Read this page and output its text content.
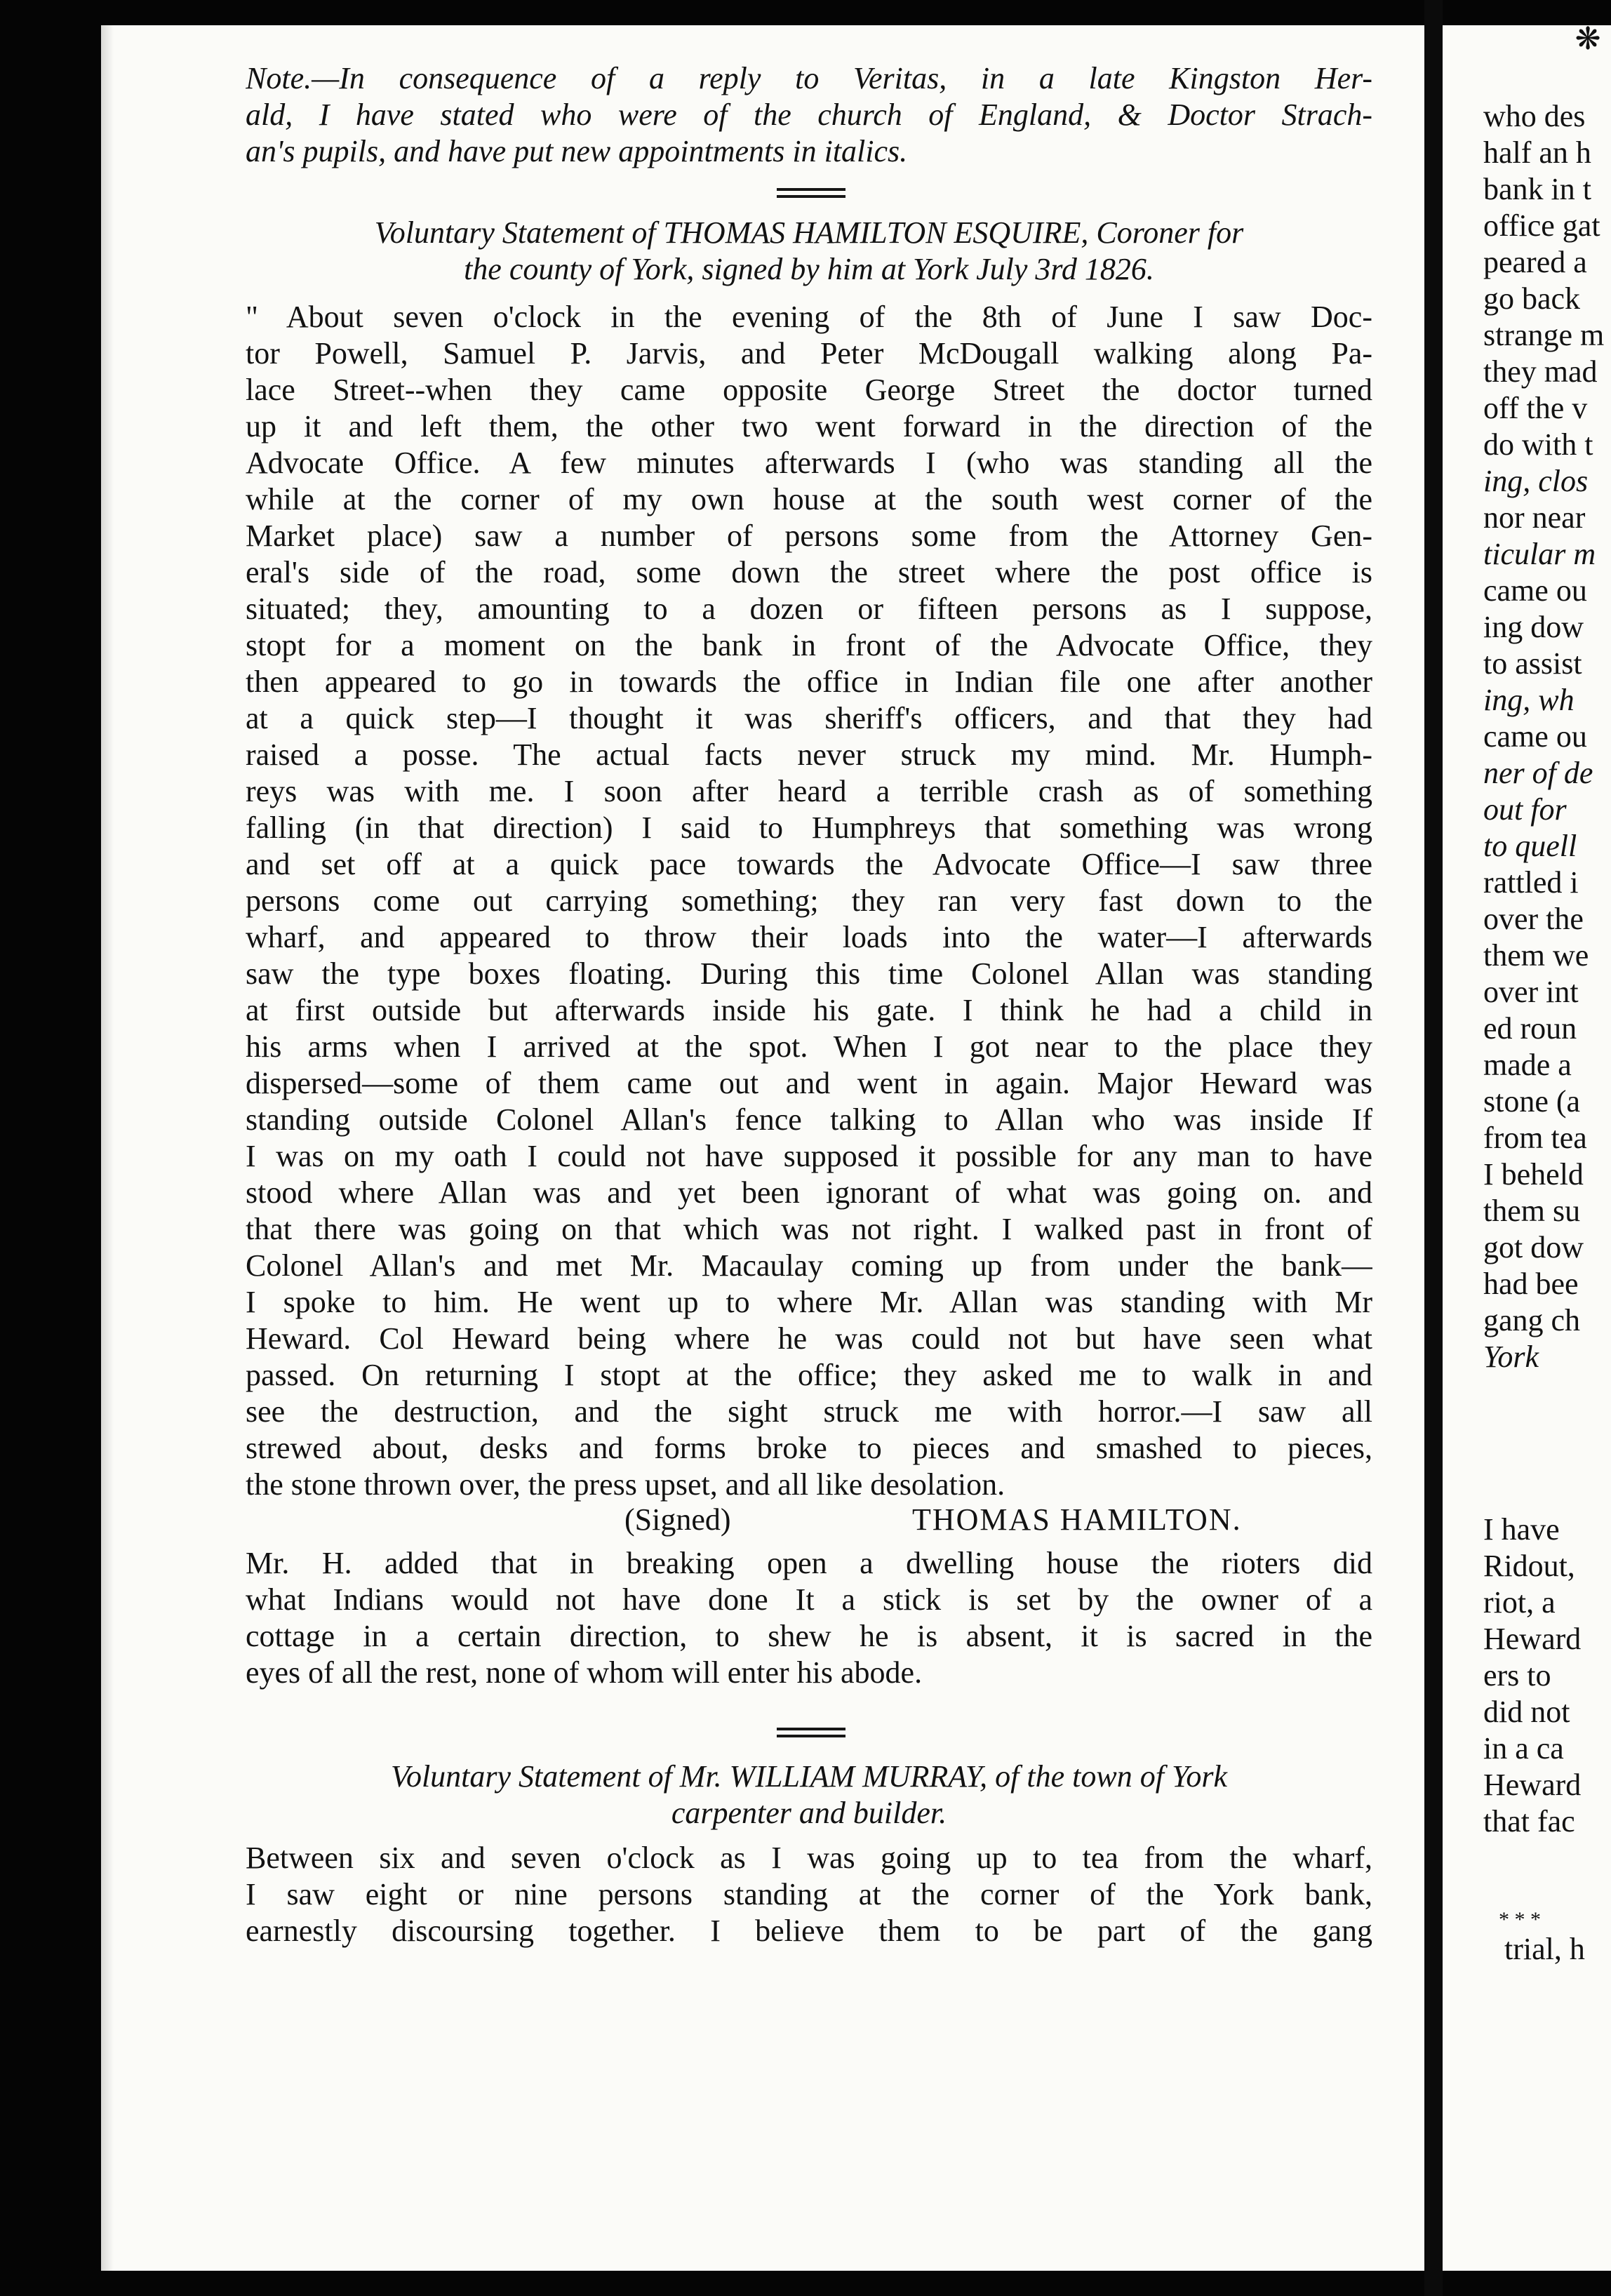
❋
Note.—In consequence of a reply to Veritas, in a late Kingston Her-
ald, I have stated who were of the church of England, & Doctor Strach-
an's pupils, and have put new appointments in italics.
Voluntary Statement of THOMAS HAMILTON ESQUIRE, Coroner for
the county of York, signed by him at York July 3rd 1826.
" About seven o'clock in the evening of the 8th of June I saw Doc-
tor Powell, Samuel P. Jarvis, and Peter McDougall walking along Pa-
lace Street--when they came opposite George Street the doctor turned
up it and left them, the other two went forward in the direction of the
Advocate Office. A few minutes afterwards I (who was standing all the
while at the corner of my own house at the south west corner of the
Market place) saw a number of persons some from the Attorney Gen-
eral's side of the road, some down the street where the post office is
situated; they, amounting to a dozen or fifteen persons as I suppose,
stopt for a moment on the bank in front of the Advocate Office, they
then appeared to go in towards the office in Indian file one after another
at a quick step—I thought it was sheriff's officers, and that they had
raised a posse. The actual facts never struck my mind. Mr. Humph-
reys was with me. I soon after heard a terrible crash as of something
falling (in that direction) I said to Humphreys that something was wrong
and set off at a quick pace towards the Advocate Office—I saw three
persons come out carrying something; they ran very fast down to the
wharf, and appeared to throw their loads into the water—I afterwards
saw the type boxes floating. During this time Colonel Allan was standing
at first outside but afterwards inside his gate. I think he had a child in
his arms when I arrived at the spot. When I got near to the place they
dispersed—some of them came out and went in again. Major Heward was
standing outside Colonel Allan's fence talking to Allan who was inside If
I was on my oath I could not have supposed it possible for any man to have
stood where Allan was and yet been ignorant of what was going on. and
that there was going on that which was not right. I walked past in front of
Colonel Allan's and met Mr. Macaulay coming up from under the bank—
I spoke to him. He went up to where Mr. Allan was standing with Mr
Heward. Col Heward being where he was could not but have seen what
passed. On returning I stopt at the office; they asked me to walk in and
see the destruction, and the sight struck me with horror.—I saw all
strewed about, desks and forms broke to pieces and smashed to pieces,
the stone thrown over, the press upset, and all like desolation.
(Signed)	THOMAS HAMILTON.
Mr. H. added that in breaking open a dwelling house the rioters did
what Indians would not have done It a stick is set by the owner of a
cottage in a certain direction, to shew he is absent, it is sacred in the
eyes of all the rest, none of whom will enter his abode.
Voluntary Statement of Mr. WILLIAM MURRAY, of the town of York
carpenter and builder.
Between six and seven o'clock as I was going up to tea from the wharf,
I saw eight or nine persons standing at the corner of the York bank,
earnestly discoursing together. I believe them to be part of the gang
who des
half an h
bank in t
office gat
peared a
go back
strange m
they mad
off the v
do with t
ing, clos
nor near
ticular m
came ou
ing dow
to assist
ing, wh
came ou
ner of de
out for
to quell
rattled i
over the
them we
over int
ed roun
made a
stone (a
from tea
I beheld
them su
got dow
had bee
gang ch
York
I have
Ridout,
riot, a
Heward
ers to
did not
in a ca
Heward
that fac
* * *
trial, h
